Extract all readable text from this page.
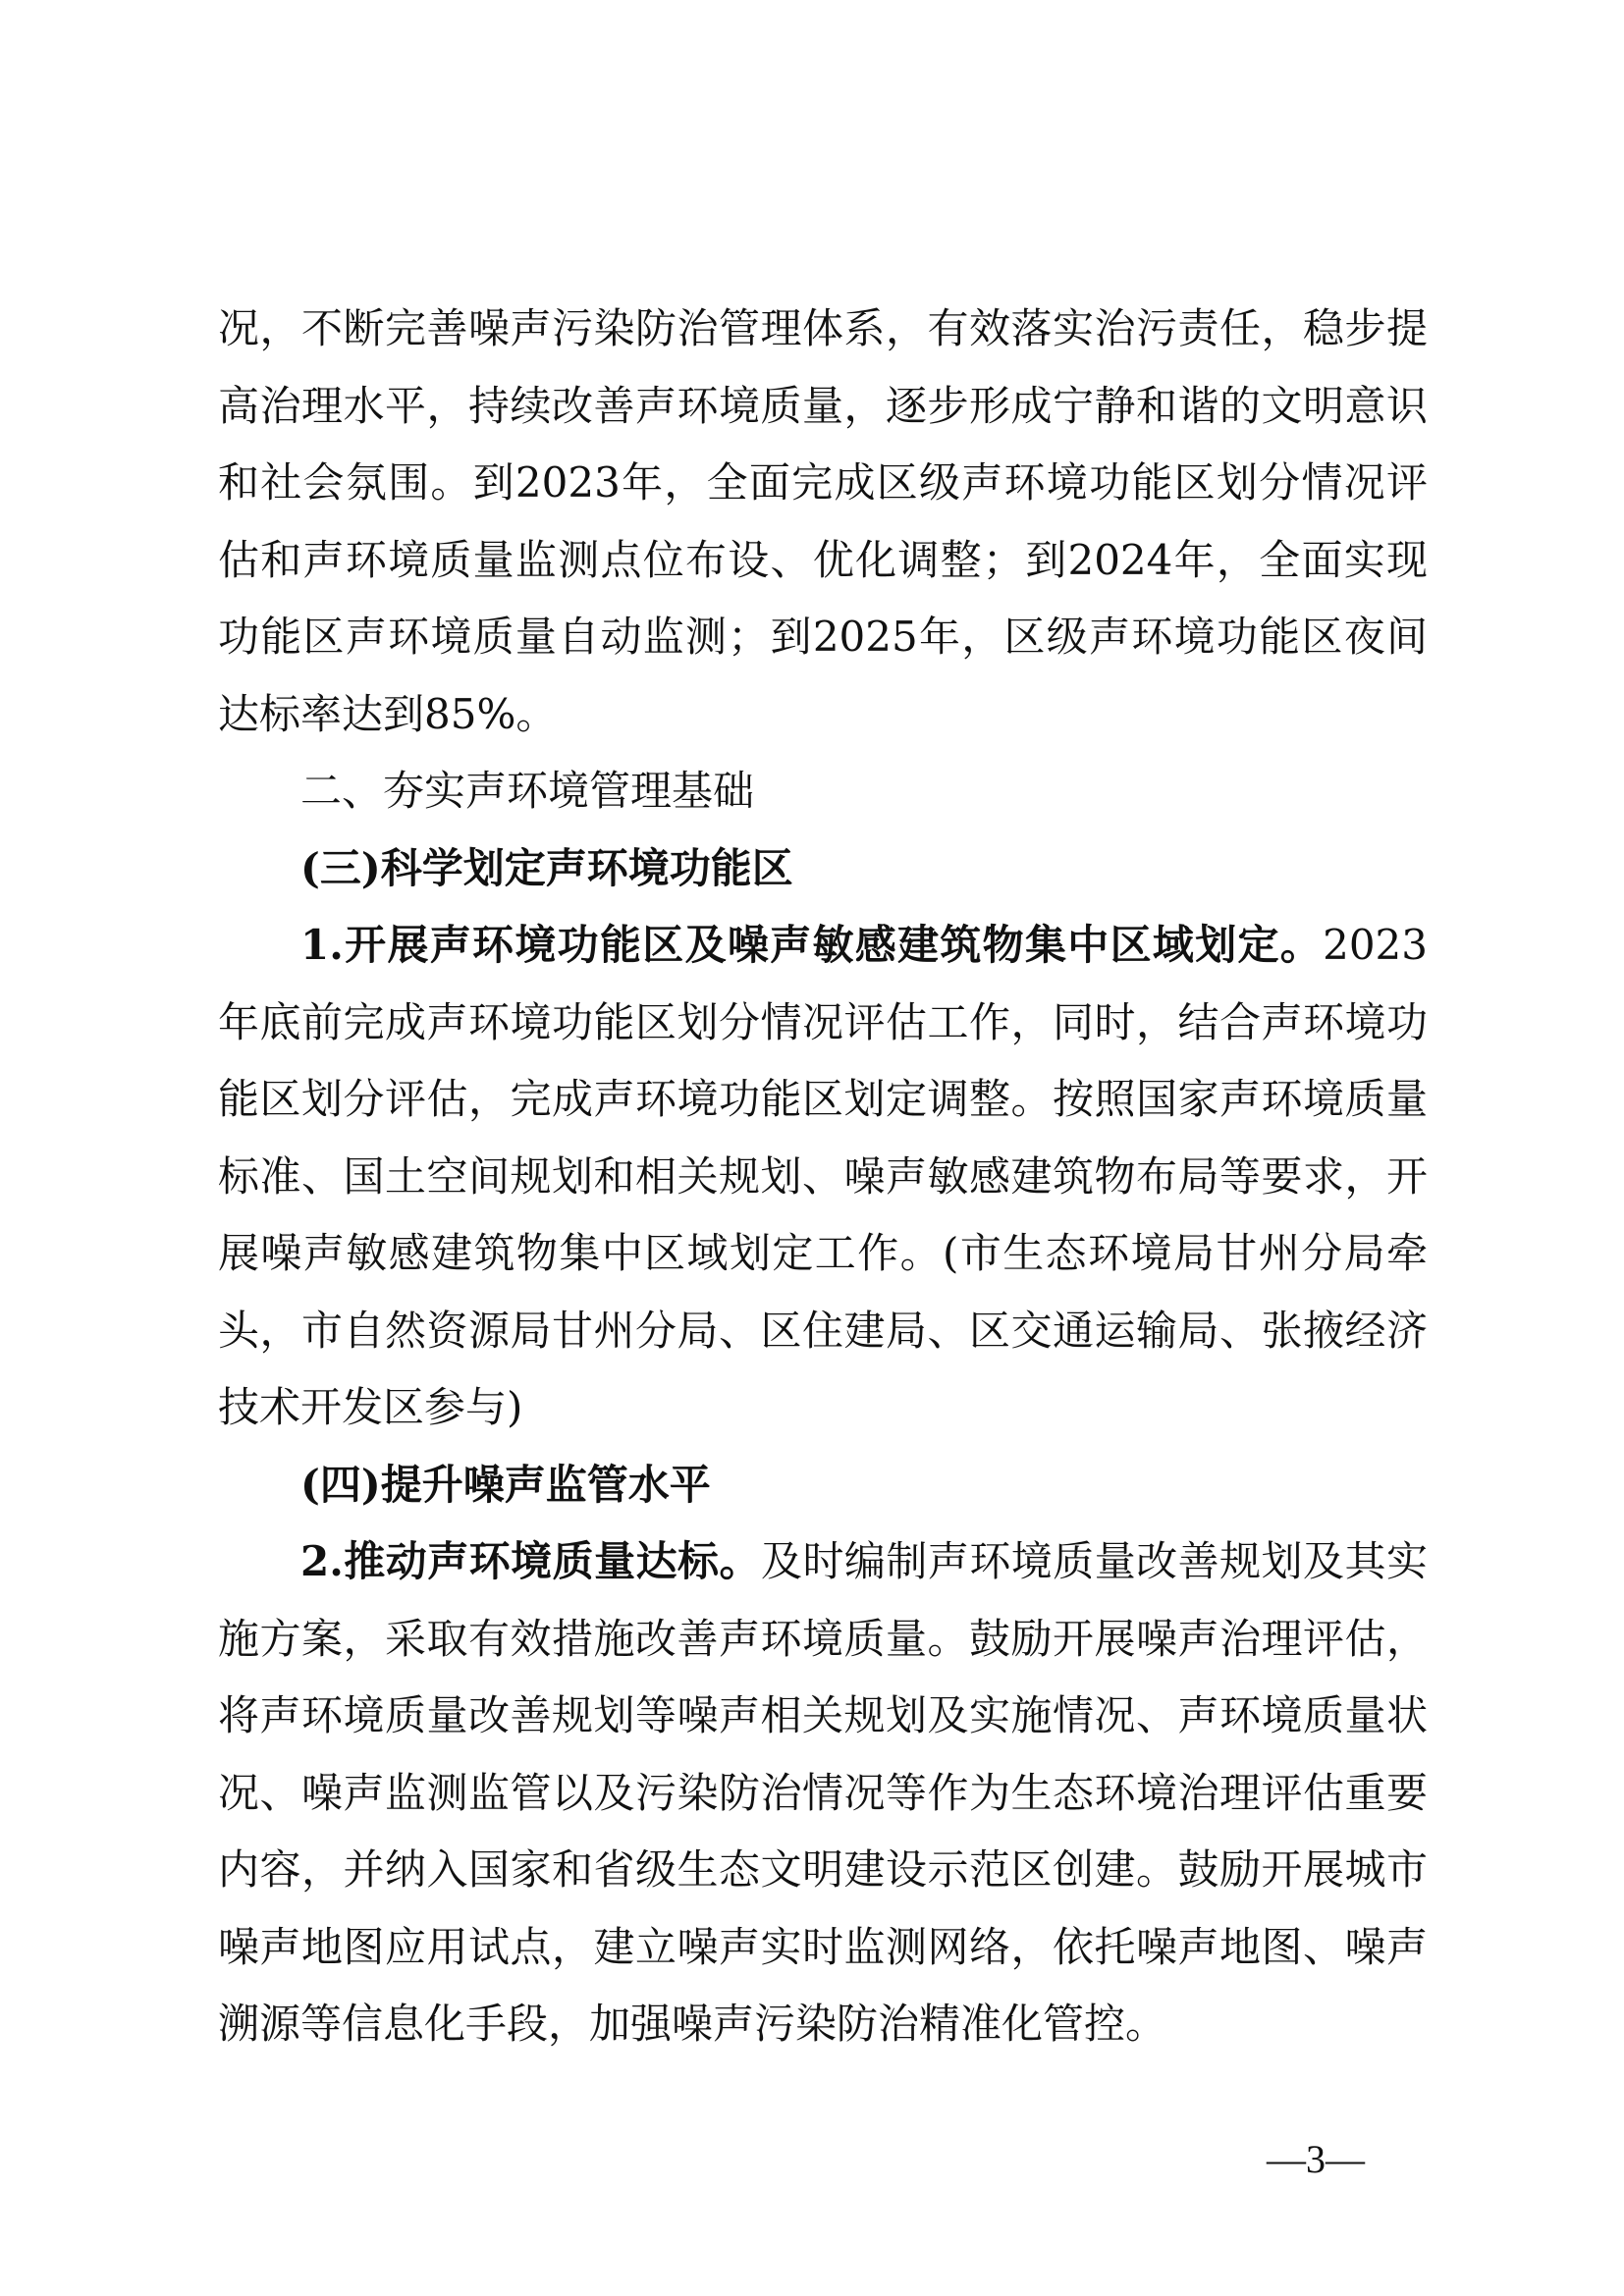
况，不断完善噪声污染防治管理体系，有效落实治污责任，稳步提高治理水平，持续改善声环境质量，逐步形成宁静和谐的文明意识和社会氛围。到2023年，全面完成区级声环境功能区划分情况评估和声环境质量监测点位布设、优化调整；到2024年，全面实现功能区声环境质量自动监测；到2025年，区级声环境功能区夜间达标率达到85%。

二、夯实声环境管理基础

(三)科学划定声环境功能区

1.开展声环境功能区及噪声敏感建筑物集中区域划定。2023年底前完成声环境功能区划分情况评估工作，同时，结合声环境功能区划分评估，完成声环境功能区划定调整。按照国家声环境质量标准、国土空间规划和相关规划、噪声敏感建筑物布局等要求，开展噪声敏感建筑物集中区域划定工作。(市生态环境局甘州分局牵头，市自然资源局甘州分局、区住建局、区交通运输局、张掖经济技术开发区参与)

(四)提升噪声监管水平

2.推动声环境质量达标。及时编制声环境质量改善规划及其实施方案，采取有效措施改善声环境质量。鼓励开展噪声治理评估，将声环境质量改善规划等噪声相关规划及实施情况、声环境质量状况、噪声监测监管以及污染防治情况等作为生态环境治理评估重要内容，并纳入国家和省级生态文明建设示范区创建。鼓励开展城市噪声地图应用试点，建立噪声实时监测网络，依托噪声地图、噪声溯源等信息化手段，加强噪声污染防治精准化管控。

—3—
